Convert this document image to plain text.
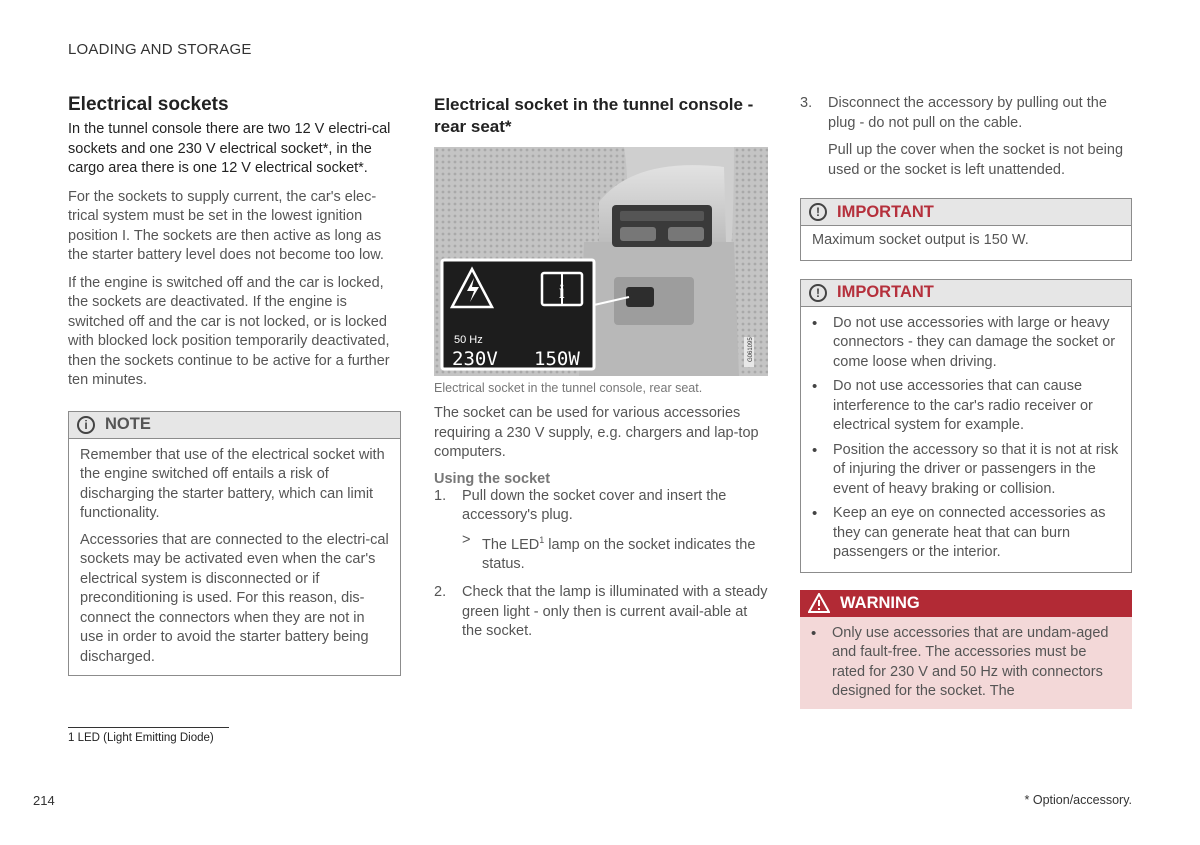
LOADING AND STORAGE
Electrical sockets
In the tunnel console there are two 12 V electri-cal sockets and one 230 V electrical socket*, in the cargo area there is one 12 V electrical socket*.
For the sockets to supply current, the car's elec-trical system must be set in the lowest ignition position I. The sockets are then active as long as the starter battery level does not become too low.
If the engine is switched off and the car is locked, the sockets are deactivated. If the engine is switched off and the car is not locked, or is locked with blocked lock position temporarily deactivated, then the sockets continue to be active for a further ten minutes.
i	NOTE
Remember that use of the electrical socket with the engine switched off entails a risk of discharging the starter battery, which can limit functionality.
Accessories that are connected to the electri-cal sockets may be activated even when the car's electrical system is disconnected or if preconditioning is used. For this reason, dis-connect the connectors when they are not in use in order to avoid the starter battery being discharged.
Electrical socket in the tunnel console - rear seat*
G061095
i
50 Hz
230V 150W
Electrical socket in the tunnel console, rear seat.
The socket can be used for various accessories requiring a 230 V supply, e.g. chargers and lap-top computers.
Using the socket
1.	Pull down the socket cover and insert the accessory's plug.
> The LED$^1$ lamp on the socket indicates the status.
2.	Check that the lamp is illuminated with a steady green light - only then is current avail-able at the socket.
3.	Disconnect the accessory by pulling out the plug - do not pull on the cable.
Pull up the cover when the socket is not being used or the socket is left unattended.
!	IMPORTANT
Maximum socket output is 150 W.
!	IMPORTANT
• Do not use accessories with large or heavy connectors - they can damage the socket or come loose when driving.
• Do not use accessories that can cause interference to the car's radio receiver or electrical system for example.
• Position the accessory so that it is not at risk of injuring the driver or passengers in the event of heavy braking or collision.
• Keep an eye on connected accessories as they can generate heat that can burn passengers or the interior.
WARNING
• Only use accessories that are undam-aged and fault-free. The accessories must be rated for 230 V and 50 Hz with connectors designed for the socket. The
1 LED (Light Emitting Diode)
214	* Option/accessory.
